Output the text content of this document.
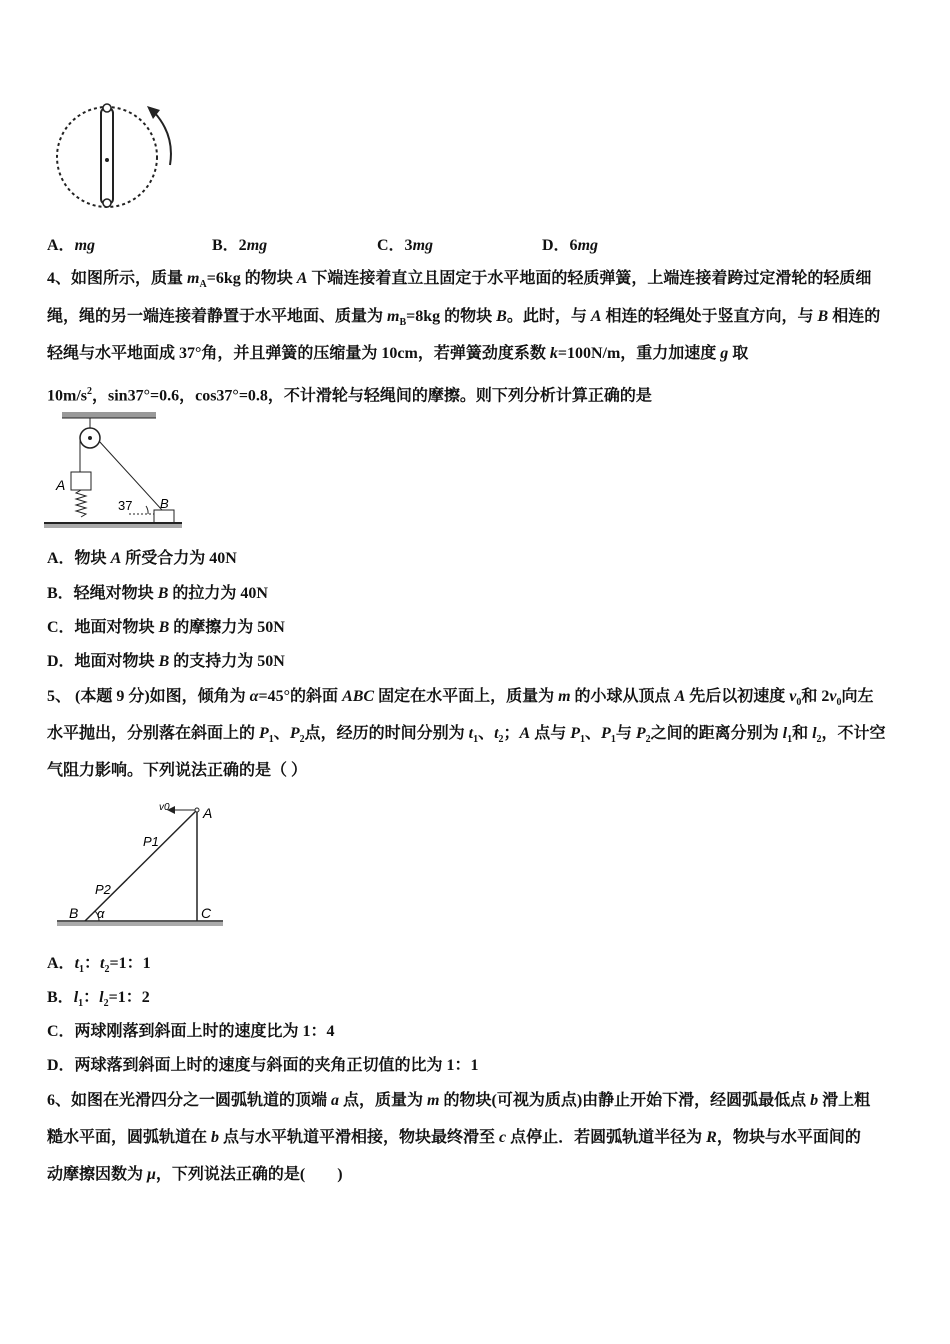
A．mg	B．2mg	C．3mg	D．6mg
4、如图所示，质量 $m_A=6kg$ 的物块 A 下端连接着直立且固定于水平地面的轻质弹簧，上端连接着跨过定滑轮的轻质细
绳，绳的另一端连接着静置于水平地面、质量为 $m_B=8kg$ 的物块 B。此时，与 A 相连的轻绳处于竖直方向，与 B 相连的
轻绳与水平地面成 37°角，并且弹簧的压缩量为 10cm，若弹簧劲度系数 k=100N/m，重力加速度 g 取
$10m/s^2$，sin37°=0.6，cos37°=0.8，不计滑轮与轻绳间的摩擦。则下列分析计算正确的是
A
B
37
A．物块 A 所受合力为 40N
B．轻绳对物块 B 的拉力为 40N
C．地面对物块 B 的摩擦力为 50N
D．地面对物块 B 的支持力为 50N
5、 (本题 9 分)如图，倾角为 α=45°的斜面 ABC 固定在水平面上，质量为 m 的小球从顶点 A 先后以初速度 $v_0$和 $2v_0$向左
水平抛出，分别落在斜面上的 $P_1$、$P_2$点，经历的时间分别为 $t_1$、$t_2$；A 点与 $P_1$、$P_1$与 $P_2$之间的距离分别为 $l_1$和 $l_2$，不计空
气阻力影响。下列说法正确的是（ ）
v0 A
P1
P2
B α	C
A．$t_1$：$t_2=1$：1
B．$l_1$：$l_2=1$：2
C．两球刚落到斜面上时的速度比为 1：4
D．两球落到斜面上时的速度与斜面的夹角正切值的比为 1：1
6、如图在光滑四分之一圆弧轨道的顶端 a 点，质量为 m 的物块(可视为质点)由静止开始下滑，经圆弧最低点 b 滑上粗
糙水平面，圆弧轨道在 b 点与水平轨道平滑相接，物块最终滑至 c 点停止．若圆弧轨道半径为 R，物块与水平面间的
动摩擦因数为 μ，下列说法正确的是(　　)
